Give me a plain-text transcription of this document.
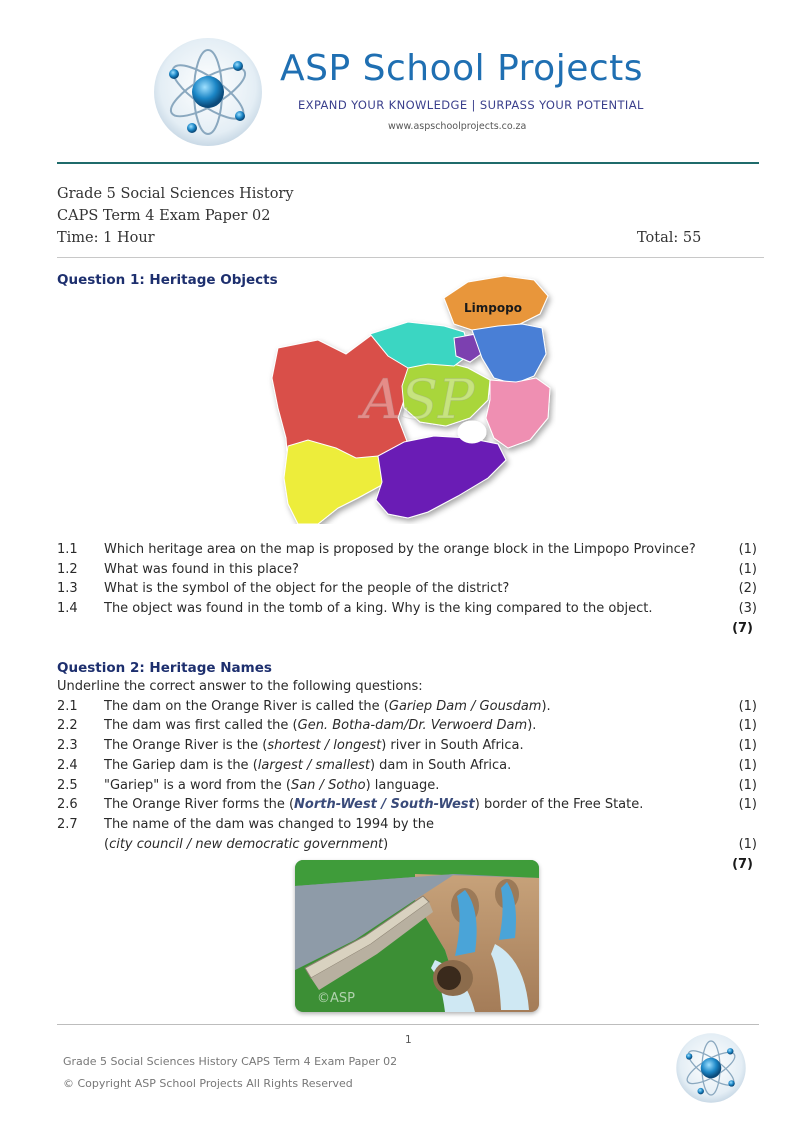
ASP School Projects
EXPAND YOUR KNOWLEDGE | SURPASS YOUR POTENTIAL
www.aspschoolprojects.co.za
Grade 5 Social Sciences History
CAPS Term 4 Exam Paper 02
Time: 1 Hour	Total: 55
Question 1: Heritage Objects
Limpopo
ASP
1.1 Which heritage area on the map is proposed by the orange block in the Limpopo Province?	(1)
1.2 What was found in this place?	(1)
1.3 What is the symbol of the object for the people of the district?	(2)
1.4 The object was found in the tomb of a king. Why is the king compared to the object.	(3)
(7)
Question 2: Heritage Names
Underline the correct answer to the following questions:
2.1 The dam on the Orange River is called the (Gariep Dam / Gousdam).	(1)
2.2 The dam was first called the (Gen. Botha-dam/Dr. Verwoerd Dam).	(1)
2.3 The Orange River is the (shortest / longest) river in South Africa.	(1)
2.4 The Gariep dam is the (largest / smallest) dam in South Africa.	(1)
2.5 "Gariep" is a word from the (San / Sotho) language.	(1)
2.6 The Orange River forms the (North-West / South-West) border of the Free State.	(1)
2.7 The name of the dam was changed to 1994 by the
(city council / new democratic government)	(1)
(7)
©ASP
1
Grade 5 Social Sciences History CAPS Term 4 Exam Paper 02
© Copyright ASP School Projects All Rights Reserved
